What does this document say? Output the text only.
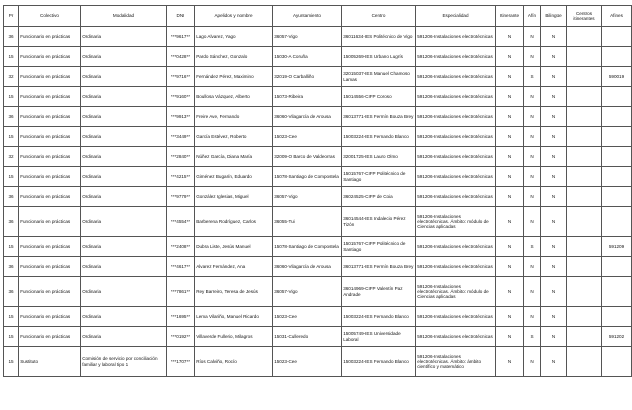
Pr	Colectivo	Modalidad	DNI	Apelidos y nombre	Ayuntamiento	Centro	Especialidad	Itinerante	Afín	Bilingüe	Centros itinerantes	Afines
36	Funcionario en prácticas	Ordinaria	***9617**	Lago Alvarez, Yago	36057-Vigo	36011634-IES Politécnico de Vigo	591206-Instalaciones electrotécnicas	N	N	N		
15	Funcionario en prácticas	Ordinaria	***0428**	Pardo Sánchez, Gonzalo	15030-A Coruña	15005269-IES Urbano Lugrís	591206-Instalaciones electrotécnicas	N	N	N		
32	Funcionario en prácticas	Ordinaria	***9716**	Fernández Pérez, Maximino	32019-O Carballiño	32015037-IES Manuel Chamoso Lamas	591206-Instalaciones electrotécnicas	N	S	N		590019
15	Funcionario en prácticas	Ordinaria	***9160**	Boullosa Vázquez, Alberto	15073-Ribeira	15014556-CIFP Coroso	591206-Instalaciones electrotécnicas	N	N	N		
36	Funcionario en prácticas	Ordinaria	***9913**	Freire Ave, Fernando	36060-Vilagarcía de Arousa	36013771-IES Fermín Bouza Brey	591206-Instalaciones electrotécnicas	N	N	N		
15	Funcionario en prácticas	Ordinaria	***3449**	García Estévez, Roberto	15023-Cee	15003224-IES Fernando Blanco	591206-Instalaciones electrotécnicas	N	N	N		
32	Funcionario en prácticas	Ordinaria	***2840**	Núñez García, Diana María	32009-O Barco de Valdeorras	32001725-IES Lauro Olmo	591206-Instalaciones electrotécnicas	N	N	N		
15	Funcionario en prácticas	Ordinaria	***4215**	Giménez Bugarín, Eduardo	15078-Santiago de Compostela	15015767-CIFP Politécnico de Santiago	591206-Instalaciones electrotécnicas	N	N	N		
36	Funcionario en prácticas	Ordinaria	***9779**	González Iglesias, Miguel	36057-Vigo	36024525-CIFP de Coia	591206-Instalaciones electrotécnicas	N	N	N		
36	Funcionario en prácticas	Ordinaria	***4554**	Barberena Rodríguez, Carlos	36055-Tui	36014544-IES Indalecio Pérez Tizón	591206-Instalaciones electrotécnicas. Ámbito: módulo de Ciencias aplicadas	N	N	N		
15	Funcionario en prácticas	Ordinaria	***2408**	Dubra Liste, Jesús Manuel	15078-Santiago de Compostela	15015767-CIFP Politécnico de Santiago	591206-Instalaciones electrotécnicas	N	S	N		591209
36	Funcionario en prácticas	Ordinaria	***4617**	Alvarez Fernández, Ana	36060-Vilagarcía de Arousa	36013771-IES Fermín Bouza Brey	591206-Instalaciones electrotécnicas	N	N	N		
36	Funcionario en prácticas	Ordinaria	***7861**	Rey Barreiro, Teresa de Jesús	36057-Vigo	36014969-CIFP Valentín Paz Andrade	591206-Instalaciones electrotécnicas. Ámbito: módulo de Ciencias aplicadas	N	N	N		
15	Funcionario en prácticas	Ordinaria	***1695**	Lema Vilariño, Manuel Ricardo	15023-Cee	15003224-IES Fernando Blanco	591206-Instalaciones electrotécnicas	N	N	N		
15	Funcionario en prácticas	Ordinaria	***0192**	Villaverde Fullerio, Milagros	15031-Culleredo	15005749-IES Universidade Laboral	591206-Instalaciones electrotécnicas	N	S	N		591202
15	Sustituto	Comisión de servicio por conciliación familiar y laboral tipo 1	***1707**	Ríos Calviño, Rocío	15023-Cee	15003224-IES Fernando Blanco	591206-Instalaciones electrotécnicas. Ámbito: ámbito científico y matemático	N	N	N		
